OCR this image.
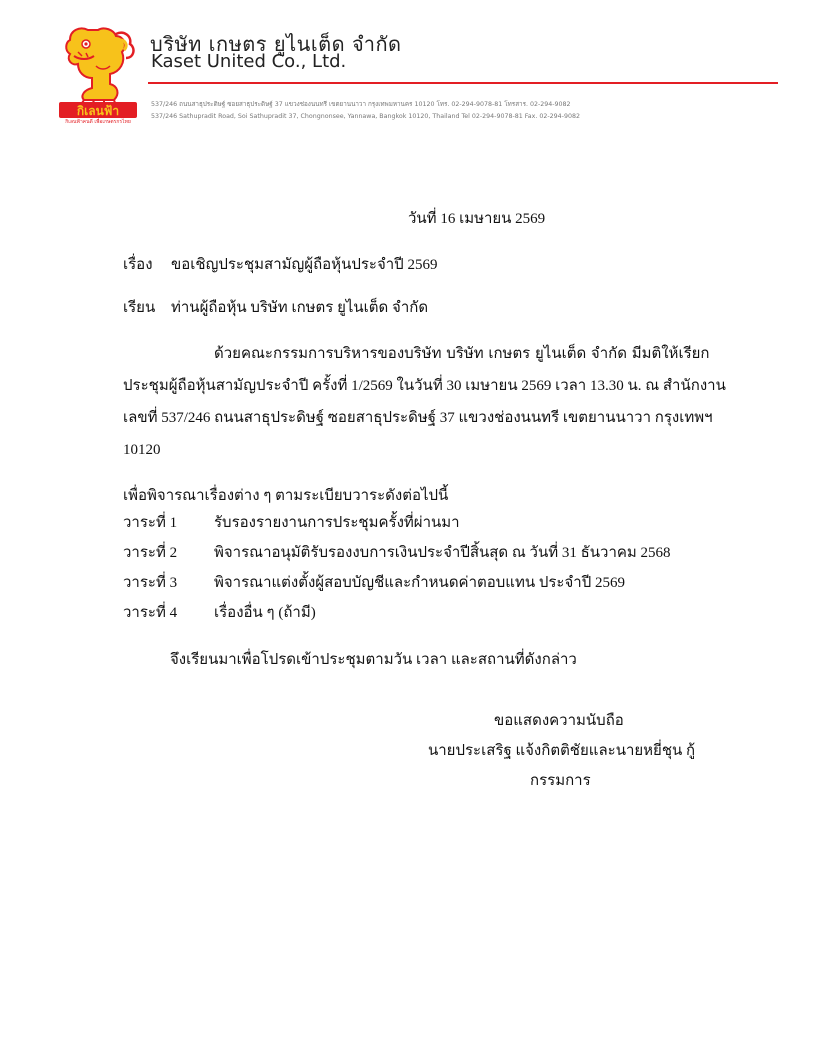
กิเลนฟ้า
กิเลนฟ้าคนดี เพื่อเกษตรกรไทย
บริษัท เกษตร ยูไนเต็ด จำกัด
Kaset United Co., Ltd.
537/246 ถนนสาธุประดิษฐ์ ซอยสาธุประดิษฐ์ 37 แขวงช่องนนทรี เขตยานนาวา กรุงเทพมหานคร 10120 โทร. 02-294-9078-81 โทรสาร. 02-294-9082
537/246 Sathupradit Road, Soi Sathupradit 37, Chongnonsee, Yannawa, Bangkok 10120, Thailand Tel 02-294-9078-81 Fax. 02-294-9082
วันที่ 16 เมษายน 2569
เรื่อง ขอเชิญประชุมสามัญผู้ถือหุ้นประจำปี 2569
เรียน ท่านผู้ถือหุ้น บริษัท เกษตร ยูไนเต็ด จำกัด
ด้วยคณะกรรมการบริหารของบริษัท บริษัท เกษตร ยูไนเต็ด จำกัด มีมติให้เรียก
ประชุมผู้ถือหุ้นสามัญประจำปี ครั้งที่ 1/2569 ในวันที่ 30 เมษายน 2569 เวลา 13.30 น. ณ สำนักงาน
เลขที่ 537/246 ถนนสาธุประดิษฐ์ ซอยสาธุประดิษฐ์ 37 แขวงช่องนนทรี เขตยานนาวา กรุงเทพฯ
10120
เพื่อพิจารณาเรื่องต่าง ๆ ตามระเบียบวาระดังต่อไปนี้
วาระที่ 1 รับรองรายงานการประชุมครั้งที่ผ่านมา
วาระที่ 2 พิจารณาอนุมัติรับรองงบการเงินประจำปีสิ้นสุด ณ วันที่ 31 ธันวาคม 2568
วาระที่ 3 พิจารณาแต่งตั้งผู้สอบบัญชีและกำหนดค่าตอบแทน ประจำปี 2569
วาระที่ 4 เรื่องอื่น ๆ (ถ้ามี)
จึงเรียนมาเพื่อโปรดเข้าประชุมตามวัน เวลา และสถานที่ดังกล่าว
ขอแสดงความนับถือ
นายประเสริฐ แจ้งกิตติชัยและนายหยี่ชุน กู้
กรรมการ
